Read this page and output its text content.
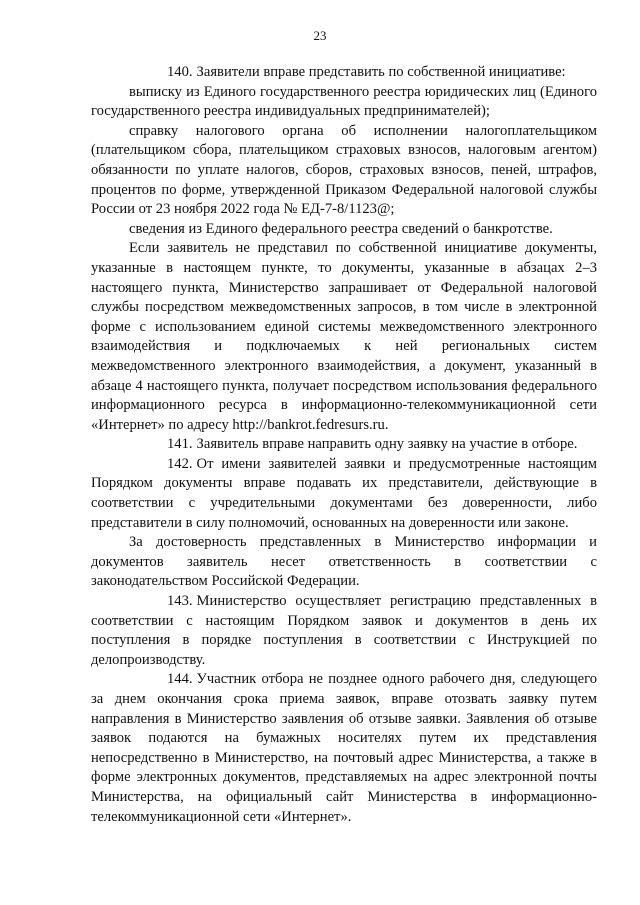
23

140. Заявители вправе представить по собственной инициативе:

выписку из Единого государственного реестра юридических лиц (Единого государственного реестра индивидуальных предпринимателей);

справку налогового органа об исполнении налогоплательщиком (плательщиком сбора, плательщиком страховых взносов, налоговым агентом) обязанности по уплате налогов, сборов, страховых взносов, пеней, штрафов, процентов по форме, утвержденной Приказом Федеральной налоговой службы России от 23 ноября 2022 года № ЕД-7-8/1123@;

сведения из Единого федерального реестра сведений о банкротстве.

Если заявитель не представил по собственной инициативе документы, указанные в настоящем пункте, то документы, указанные в абзацах 2–3 настоящего пункта, Министерство запрашивает от Федеральной налоговой службы посредством межведомственных запросов, в том числе в электронной форме с использованием единой системы межведомственного электронного взаимодействия и подключаемых к ней региональных систем межведомственного электронного взаимодействия, а документ, указанный в абзаце 4 настоящего пункта, получает посредством использования федерального информационного ресурса в информационно-телекоммуникационной сети «Интернет» по адресу http://bankrot.fedresurs.ru.

141. Заявитель вправе направить одну заявку на участие в отборе.

142. От имени заявителей заявки и предусмотренные настоящим Порядком документы вправе подавать их представители, действующие в соответствии с учредительными документами без доверенности, либо представители в силу полномочий, основанных на доверенности или законе.

За достоверность представленных в Министерство информации и документов заявитель несет ответственность в соответствии с законодательством Российской Федерации.

143. Министерство осуществляет регистрацию представленных в соответствии с настоящим Порядком заявок и документов в день их поступления в порядке поступления в соответствии с Инструкцией по делопроизводству.

144. Участник отбора не позднее одного рабочего дня, следующего за днем окончания срока приема заявок, вправе отозвать заявку путем направления в Министерство заявления об отзыве заявки. Заявления об отзыве заявок подаются на бумажных носителях путем их представления непосредственно в Министерство, на почтовый адрес Министерства, а также в форме электронных документов, представляемых на адрес электронной почты Министерства, на официальный сайт Министерства в информационно-телекоммуникационной сети «Интернет».
